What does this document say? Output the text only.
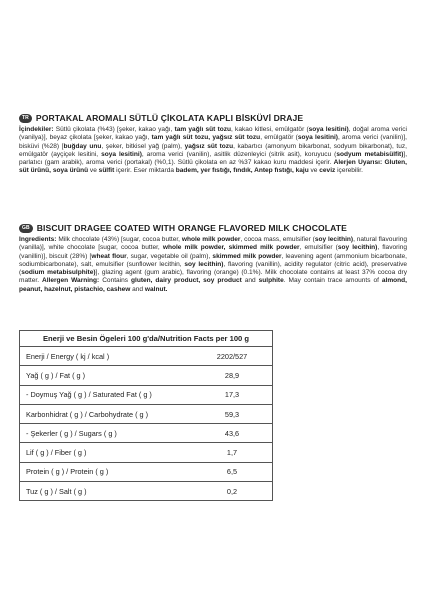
TR PORTAKAL AROMALI SÜTLÜ ÇİKOLATA KAPLI BİSKÜVİ DRAJE
İçindekiler: Sütlü çikolata (%43) [şeker, kakao yağı, tam yağlı süt tozu, kakao kitlesi, emülgatör (soya lesitini), doğal aroma verici (vanilya)], beyaz çikolata [şeker, kakao yağı, tam yağlı süt tozu, yağsız süt tozu, emülgatör (soya lesitini), aroma verici (vanilin)], bisküvi (%28) [buğday unu, şeker, bitkisel yağ (palm), yağsız süt tozu, kabartıcı (amonyum bikarbonat, sodyum bikarbonat), tuz, emülgatör (ayçiçek lesitini, soya lesitini), aroma verici (vanilin), asitlik düzenleyici (sitrik asit), koruyucu (sodyum metabisülfit)], parlatıcı (gam arabik), aroma verici (portakal) (%0,1). Sütlü çikolata en az %37 kakao kuru maddesi içerir. Alerjen Uyarısı: Gluten, süt ürünü, soya ürünü ve sülfit içerir. Eser miktarda badem, yer fıstığı, fındık, Antep fıstığı, kaju ve ceviz içerebilir.
GB BISCUIT DRAGEE COATED WITH ORANGE FLAVORED MILK CHOCOLATE
Ingredients: Milk chocolate (43%) [sugar, cocoa butter, whole milk powder, cocoa mass, emulsifier (soy lecithin), natural flavouring (vanilla)], white chocolate [sugar, cocoa butter, whole milk powder, skimmed milk powder, emulsifier (soy lecithin), flavoring (vanillin)], biscuit (28%) [wheat flour, sugar, vegetable oil (palm), skimmed milk powder, leavening agent (ammonium bicarbonate, sodiumbicarbonate), salt, emulsifier (sunflower lecithin, soy lecithin), flavoring (vanillin), acidity regulator (citric acid), preservative (sodium metabisulphite)], glazing agent (gum arabic), flavoring (orange) (0.1%). Milk chocolate contains at least 37% cocoa dry matter. Allergen Warning: Contains gluten, dairy product, soy product and sulphite. May contain trace amounts of almond, peanut, hazelnut, pistachio, cashew and walnut.
Enerji ve Besin Ögeleri 100 g'da/Nutrition Facts per 100 g
Enerji / Energy ( kj / kcal )	2202/527
Yağ ( g ) / Fat ( g )	28,9
- Doymuş Yağ ( g ) / Saturated Fat ( g )	17,3
Karbonhidrat ( g ) / Carbohydrate ( g )	59,3
- Şekerler ( g ) / Sugars ( g )	43,6
Lif ( g ) / Fiber ( g )	1,7
Protein ( g ) / Protein ( g )	6,5
Tuz ( g ) / Salt ( g )	0,2
